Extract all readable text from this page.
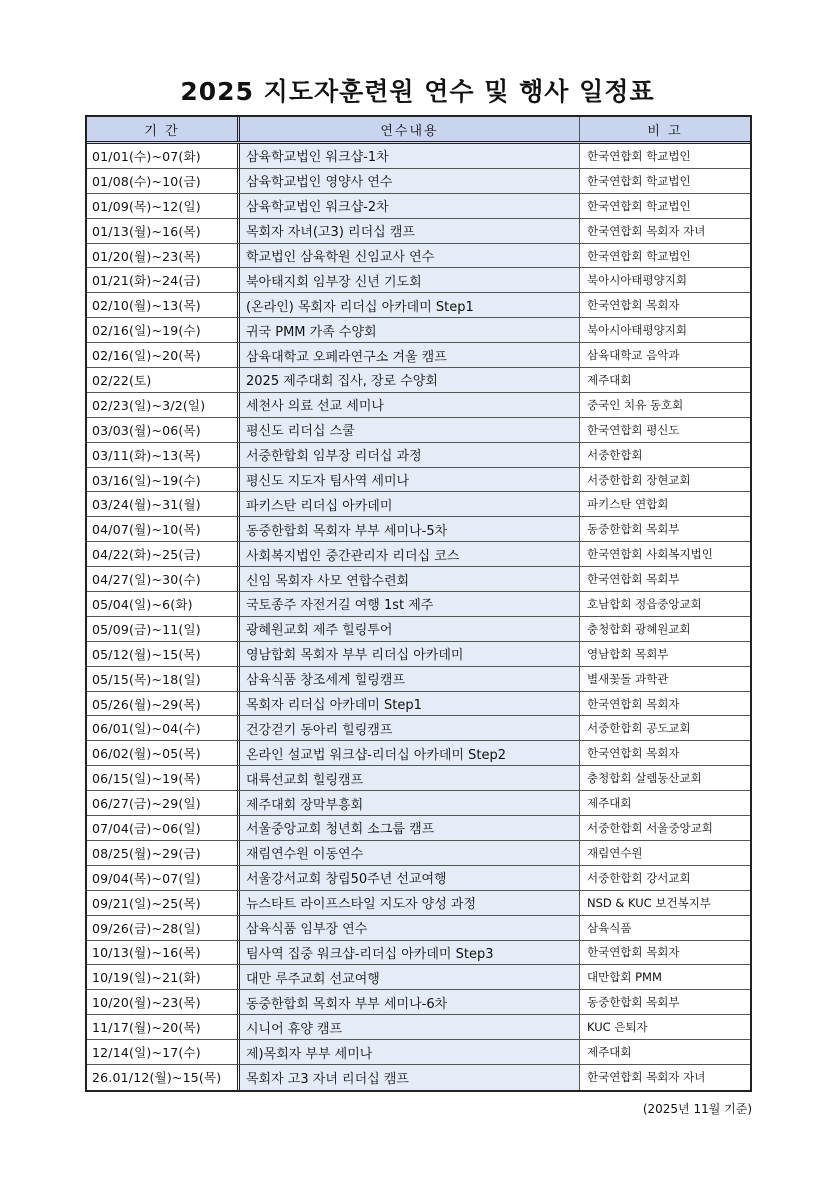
2025 지도자훈련원 연수 및 행사 일정표
기 간	연수내용	비 고
01/01(수)~07(화)	삼육학교법인 워크샵-1차	한국연합회 학교법인
01/08(수)~10(금)	삼육학교법인 영양사 연수	한국연합회 학교법인
01/09(목)~12(일)	삼육학교법인 워크샵-2차	한국연합회 학교법인
01/13(월)~16(목)	목회자 자녀(고3) 리더십 캠프	한국연합회 목회자 자녀
01/20(월)~23(목)	학교법인 삼육학원 신임교사 연수	한국연합회 학교법인
01/21(화)~24(금)	북아태지회 임부장 신년 기도회	북아시아태평양지회
02/10(월)~13(목)	(온라인) 목회자 리더십 아카데미 Step1	한국연합회 목회자
02/16(일)~19(수)	귀국 PMM 가족 수양회	북아시아태평양지회
02/16(일)~20(목)	삼육대학교 오페라연구소 겨울 캠프	삼육대학교 음악과
02/22(토)	2025 제주대회 집사, 장로 수양회	제주대회
02/23(일)~3/2(일)	세천사 의료 선교 세미나	중국인 치유 동호회
03/03(월)~06(목)	평신도 리더십 스쿨	한국연합회 평신도
03/11(화)~13(목)	서중한합회 임부장 리더십 과정	서중한합회
03/16(일)~19(수)	평신도 지도자 팀사역 세미나	서중한합회 장현교회
03/24(월)~31(월)	파키스탄 리더십 아카데미	파키스탄 연합회
04/07(월)~10(목)	동중한합회 목회자 부부 세미나-5차	동중한합회 목회부
04/22(화)~25(금)	사회복지법인 중간관리자 리더십 코스	한국연합회 사회복지법인
04/27(일)~30(수)	신임 목회자 사모 연합수련회	한국연합회 목회부
05/04(일)~6(화)	국토종주 자전거길 여행 1st 제주	호남합회 정읍중앙교회
05/09(금)~11(일)	광혜원교회 제주 힐링투어	충청합회 광혜원교회
05/12(월)~15(목)	영남합회 목회자 부부 리더십 아카데미	영남합회 목회부
05/15(목)~18(일)	삼육식품 창조세계 힐링캠프	별새꽃돌 과학관
05/26(월)~29(목)	목회자 리더십 아카데미 Step1	한국연합회 목회자
06/01(일)~04(수)	건강걷기 동아리 힐링캠프	서중한합회 공도교회
06/02(월)~05(목)	온라인 설교법 워크샵-리더십 아카데미 Step2	한국연합회 목회자
06/15(일)~19(목)	대륙선교회 힐링캠프	충청합회 살렘동산교회
06/27(금)~29(일)	제주대회 장막부흥회	제주대회
07/04(금)~06(일)	서울중앙교회 청년회 소그룹 캠프	서중한합회 서울중앙교회
08/25(월)~29(금)	재림연수원 이동연수	재림연수원
09/04(목)~07(일)	서울강서교회 창립50주년 선교여행	서중한합회 강서교회
09/21(일)~25(목)	뉴스타트 라이프스타일 지도자 양성 과정	NSD & KUC 보건복지부
09/26(금)~28(일)	삼육식품 임부장 연수	삼육식품
10/13(월)~16(목)	팀사역 집중 워크샵-리더십 아카데미 Step3	한국연합회 목회자
10/19(일)~21(화)	대만 루주교회 선교여행	대만합회 PMM
10/20(월)~23(목)	동중한합회 목회자 부부 세미나-6차	동중한합회 목회부
11/17(월)~20(목)	시니어 휴양 캠프	KUC 은퇴자
12/14(일)~17(수)	제)목회자 부부 세미나	제주대회
26.01/12(월)~15(목)	목회자 고3 자녀 리더십 캠프	한국연합회 목회자 자녀
(2025년 11월 기준)
